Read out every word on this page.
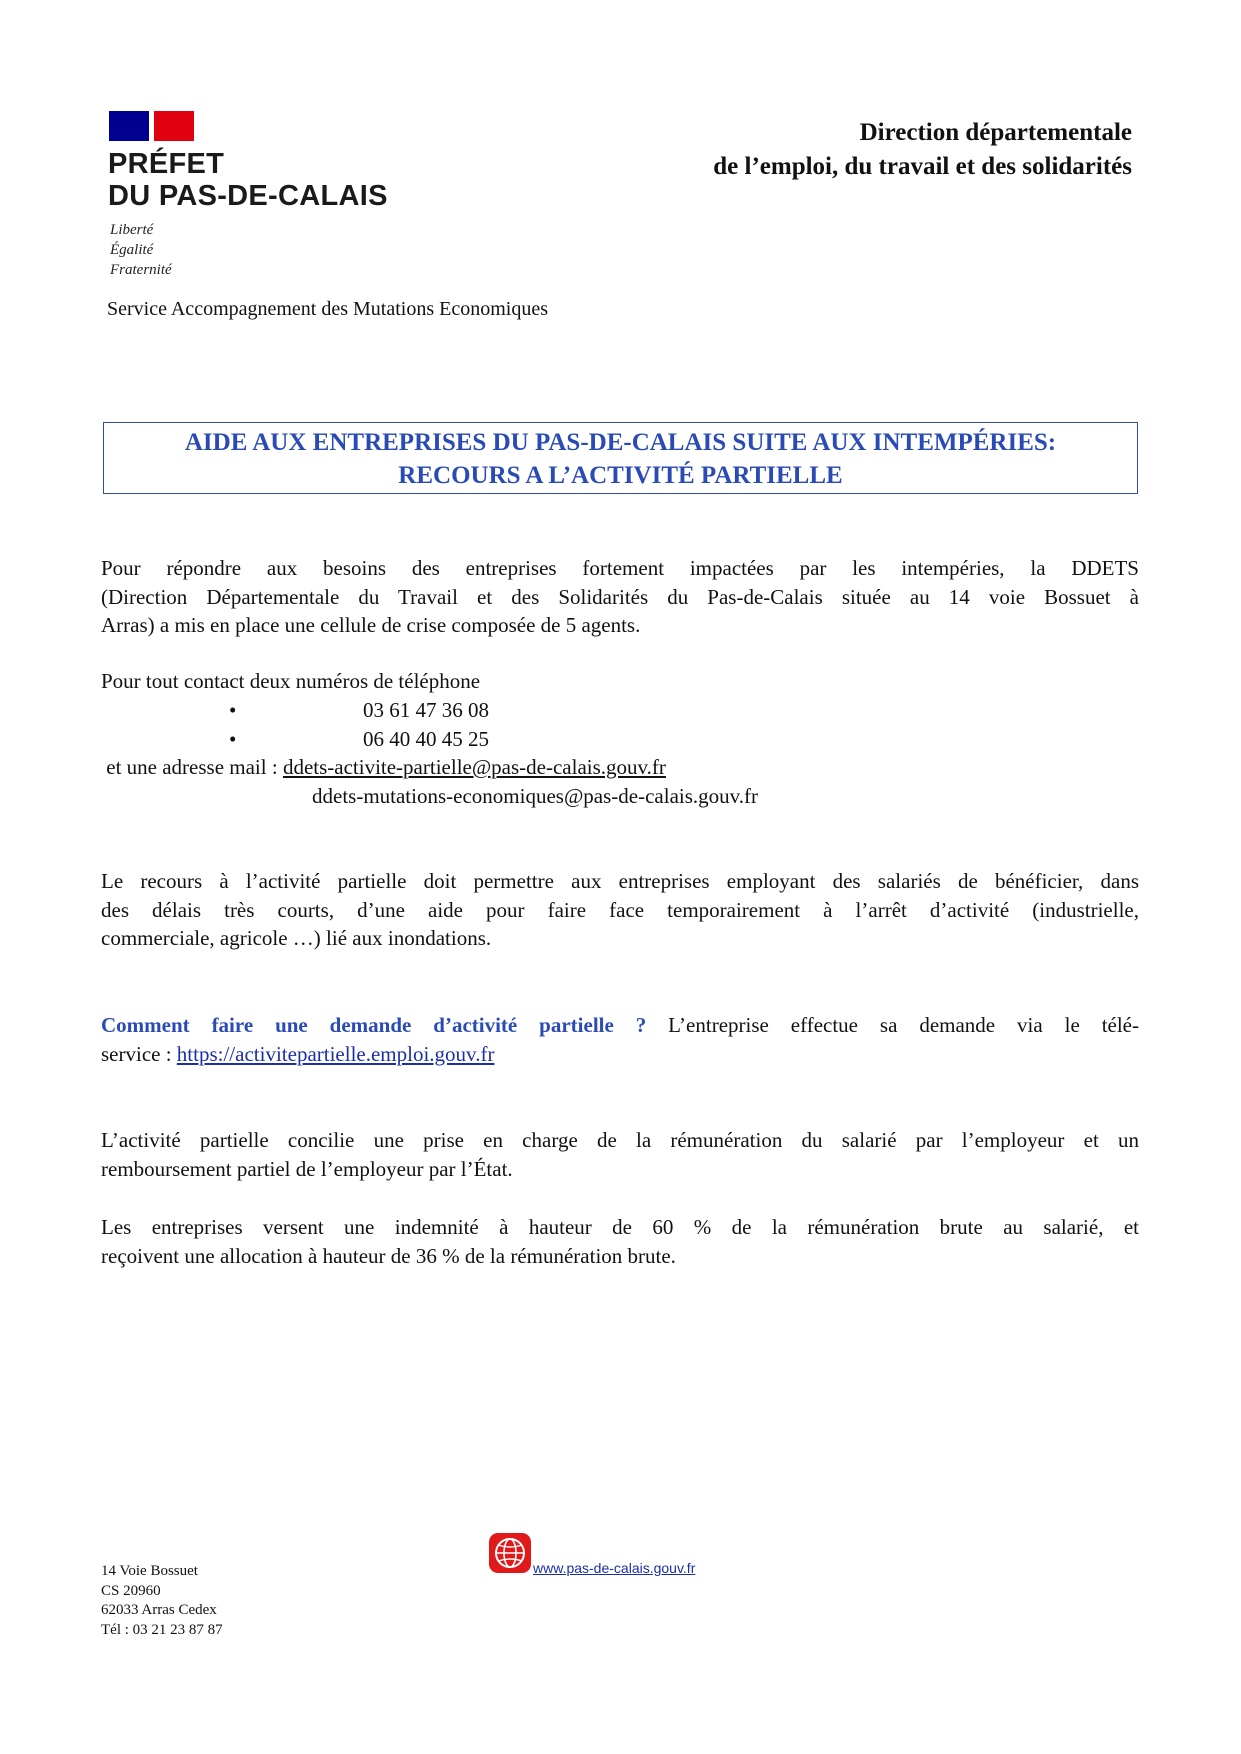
PRÉFET
DU PAS-DE-CALAIS
Liberté
Égalité
Fraternité
Service Accompagnement des Mutations Economiques
Direction départementale
de l’emploi, du travail et des solidarités
AIDE AUX ENTREPRISES DU PAS-DE-CALAIS SUITE AUX INTEMPÉRIES:
RECOURS A L’ACTIVITÉ PARTIELLE
Pour répondre aux besoins des entreprises fortement impactées par les intempéries, la DDETS
(Direction Départementale du Travail et des Solidarités du Pas-de-Calais située au 14 voie Bossuet à
Arras) a mis en place une cellule de crise composée de 5 agents.
Pour tout contact deux numéros de téléphone
•	03 61 47 36 08
•	06 40 40 45 25
et une adresse mail : ddets-activite-partielle@pas-de-calais.gouv.fr
ddets-mutations-economiques@pas-de-calais.gouv.fr
Le recours à l’activité partielle doit permettre aux entreprises employant des salariés de bénéficier, dans
des délais très courts, d’une aide pour faire face temporairement à l’arrêt d’activité (industrielle,
commerciale, agricole …) lié aux inondations.
Comment faire une demande d’activité partielle ? L’entreprise effectue sa demande via le télé-
service : https://activitepartielle.emploi.gouv.fr
L’activité partielle concilie une prise en charge de la rémunération du salarié par l’employeur et un
remboursement partiel de l’employeur par l’État.
Les entreprises versent une indemnité à hauteur de 60 % de la rémunération brute au salarié, et
reçoivent une allocation à hauteur de 36 % de la rémunération brute.
14 Voie Bossuet
CS 20960
62033 Arras Cedex
Tél : 03 21 23 87 87
www.pas-de-calais.gouv.fr
